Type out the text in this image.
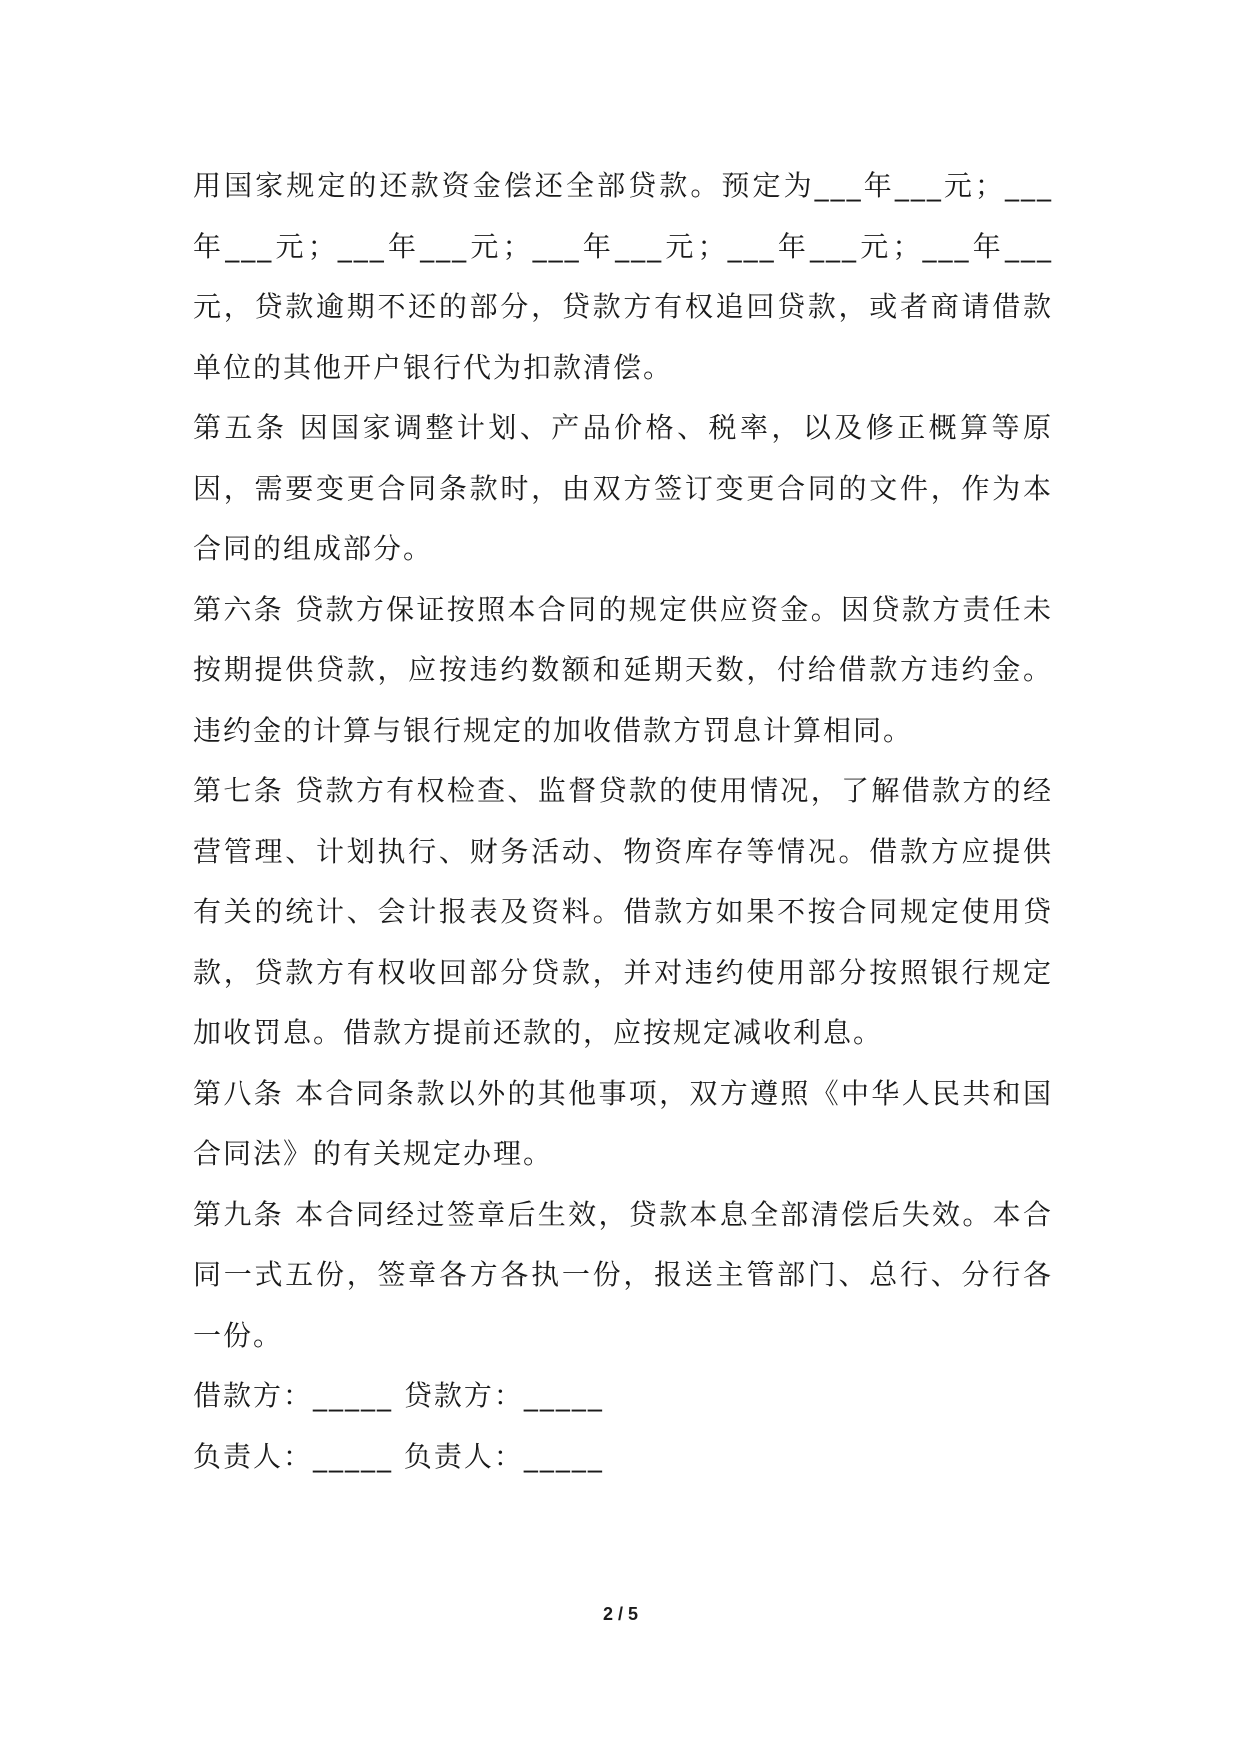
用国家规定的还款资金偿还全部贷款。预定为___年___元；___年___元；___年___元；___年___元；___年___元；___年___元，贷款逾期不还的部分，贷款方有权追回贷款，或者商请借款单位的其他开户银行代为扣款清偿。

第五条 因国家调整计划、产品价格、税率，以及修正概算等原因，需要变更合同条款时，由双方签订变更合同的文件，作为本合同的组成部分。

第六条 贷款方保证按照本合同的规定供应资金。因贷款方责任未按期提供贷款，应按违约数额和延期天数，付给借款方违约金。违约金的计算与银行规定的加收借款方罚息计算相同。

第七条 贷款方有权检查、监督贷款的使用情况，了解借款方的经营管理、计划执行、财务活动、物资库存等情况。借款方应提供有关的统计、会计报表及资料。借款方如果不按合同规定使用贷款，贷款方有权收回部分贷款，并对违约使用部分按照银行规定加收罚息。借款方提前还款的，应按规定减收利息。

第八条 本合同条款以外的其他事项，双方遵照《中华人民共和国合同法》的有关规定办理。

第九条 本合同经过签章后生效，贷款本息全部清偿后失效。本合同一式五份，签章各方各执一份，报送主管部门、总行、分行各一份。

借款方：_____ 贷款方：_____

负责人：_____ 负责人：_____

2 / 5
